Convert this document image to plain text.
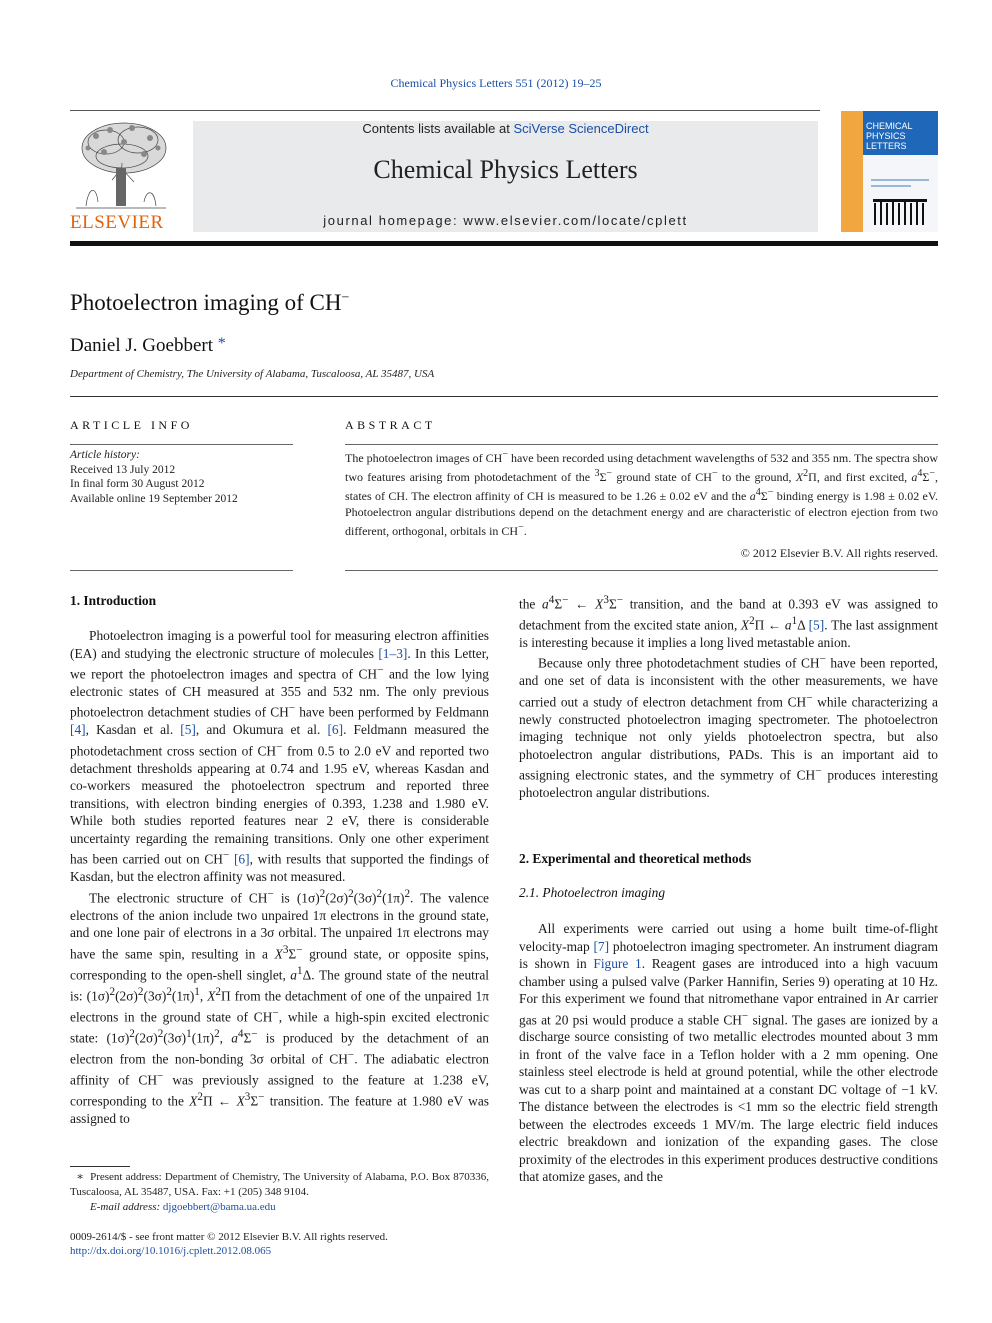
Chemical Physics Letters 551 (2012) 19–25
ELSEVIER
Contents lists available at SciVerse ScienceDirect
Chemical Physics Letters
journal homepage: www.elsevier.com/locate/cplett
CHEMICAL
PHYSICS
LETTERS
Photoelectron imaging of CH−
Daniel J. Goebbert *
Department of Chemistry, The University of Alabama, Tuscaloosa, AL 35487, USA
ARTICLE INFO
Article history:
Received 13 July 2012
In final form 30 August 2012
Available online 19 September 2012
ABSTRACT
The photoelectron images of CH− have been recorded using detachment wavelengths of 532 and 355 nm. The spectra show two features arising from photodetachment of the $^3$Σ− ground state of CH− to the ground, $X^2\Pi$, and first excited, $a^4\Sigma^-$, states of CH. The electron affinity of CH is measured to be 1.26 ± 0.02 eV and the $a^4\Sigma^-$ binding energy is 1.98 ± 0.02 eV. Photoelectron angular distributions depend on the detachment energy and are characteristic of electron ejection from two different, orthogonal, orbitals in CH−.
© 2012 Elsevier B.V. All rights reserved.
1. Introduction

Photoelectron imaging is a powerful tool for measuring electron affinities (EA) and studying the electronic structure of molecules [1–3]. In this Letter, we report the photoelectron images and spectra of CH− and the low lying electronic states of CH measured at 355 and 532 nm. The only previous photoelectron detachment studies of CH− have been performed by Feldmann [4], Kasdan et al. [5], and Okumura et al. [6]. Feldmann measured the photodetachment cross section of CH− from 0.5 to 2.0 eV and reported two detachment thresholds appearing at 0.74 and 1.95 eV, whereas Kasdan and co-workers measured the photoelectron spectrum and reported three transitions, with electron binding energies of 0.393, 1.238 and 1.980 eV. While both studies reported features near 2 eV, there is considerable uncertainty regarding the remaining transitions. Only one other experiment has been carried out on CH− [6], with results that supported the findings of Kasdan, but the electron affinity was not measured.

The electronic structure of CH− is $(1\sigma)^2(2\sigma)^2(3\sigma)^2(1\pi)^2$. The valence electrons of the anion include two unpaired 1π electrons in the ground state, and one lone pair of electrons in a 3σ orbital. The unpaired 1π electrons may have the same spin, resulting in a $X^3\Sigma^-$ ground state, or opposite spins, corresponding to the open-shell singlet, $a^1\Delta$. The ground state of the neutral is: $(1\sigma)^2(2\sigma)^2(3\sigma)^2(1\pi)^1$, $X^2\Pi$ from the detachment of one of the unpaired 1π electrons in the ground state of CH−, while a high-spin excited electronic state: $(1\sigma)^2(2\sigma)^2(3\sigma)^1(1\pi)^2$, $a^4\Sigma^-$ is produced by the detachment of an electron from the non-bonding 3σ orbital of CH−. The adiabatic electron affinity of CH− was previously assigned to the feature at 1.238 eV, corresponding to the $X^2\Pi$ ← $X^3\Sigma^-$ transition. The feature at 1.980 eV was assigned to

∗  Present address: Department of Chemistry, The University of Alabama, P.O. Box 870336, Tuscaloosa, AL 35487, USA. Fax: +1 (205) 348 9104.
E-mail address: djgoebbert@bama.ua.edu
0009-2614/$ - see front matter © 2012 Elsevier B.V. All rights reserved.
http://dx.doi.org/10.1016/j.cplett.2012.08.065

the $a^4\Sigma^-$ ← $X^3\Sigma^-$ transition, and the band at 0.393 eV was assigned to detachment from the excited state anion, $X^2\Pi$ ← $a^1\Delta$ [5]. The last assignment is interesting because it implies a long lived metastable anion.

Because only three photodetachment studies of CH− have been reported, and one set of data is inconsistent with the other measurements, we have carried out a study of electron detachment from CH− while characterizing a newly constructed photoelectron imaging spectrometer. The photoelectron imaging technique not only yields photoelectron spectra, but also photoelectron angular distributions, PADs. This is an important aid to assigning electronic states, and the symmetry of CH− produces interesting photoelectron angular distributions.

2. Experimental and theoretical methods
2.1. Photoelectron imaging

All experiments were carried out using a home built time-of-flight velocity-map [7] photoelectron imaging spectrometer. An instrument diagram is shown in Figure 1. Reagent gases are introduced into a high vacuum chamber using a pulsed valve (Parker Hannifin, Series 9) operating at 10 Hz. For this experiment we found that nitromethane vapor entrained in Ar carrier gas at 20 psi would produce a stable CH− signal. The gases are ionized by a discharge source consisting of two metallic electrodes mounted about 3 mm in front of the valve face in a Teflon holder with a 2 mm opening. One stainless steel electrode is held at ground potential, while the other electrode was cut to a sharp point and maintained at a constant DC voltage of −1 kV. The distance between the electrodes is <1 mm so the electric field strength between the electrodes exceeds 1 MV/m. The large electric field induces electric breakdown and ionization of the expanding gases. The close proximity of the electrodes in this experiment produces destructive conditions that atomize gases, and the
